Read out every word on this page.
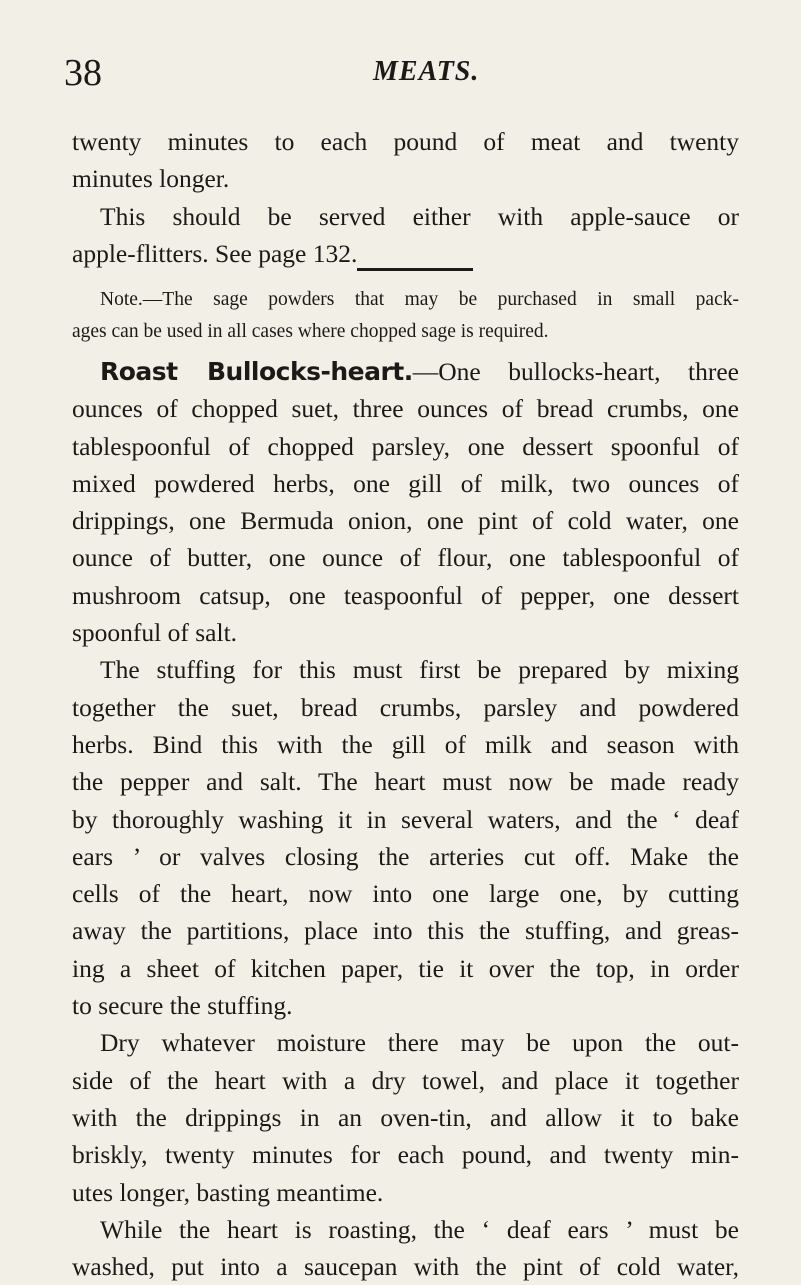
38	MEATS.
twenty minutes to each pound of meat and twenty
minutes longer.
This should be served either with apple-sauce or
apple-flitters. See page 132.
Note.—The sage powders that may be purchased in small pack-
ages can be used in all cases where chopped sage is required.
Roast Bullocks-heart.—One bullocks-heart, three
ounces of chopped suet, three ounces of bread crumbs, one
tablespoonful of chopped parsley, one dessert spoonful of
mixed powdered herbs, one gill of milk, two ounces of
drippings, one Bermuda onion, one pint of cold water, one
ounce of butter, one ounce of flour, one tablespoonful of
mushroom catsup, one teaspoonful of pepper, one dessert
spoonful of salt.
The stuffing for this must first be prepared by mixing
together the suet, bread crumbs, parsley and powdered
herbs. Bind this with the gill of milk and season with
the pepper and salt. The heart must now be made ready
by thoroughly washing it in several waters, and the ‘ deaf
ears ’ or valves closing the arteries cut off. Make the
cells of the heart, now into one large one, by cutting
away the partitions, place into this the stuffing, and greas-
ing a sheet of kitchen paper, tie it over the top, in order
to secure the stuffing.
Dry whatever moisture there may be upon the out-
side of the heart with a dry towel, and place it together
with the drippings in an oven-tin, and allow it to bake
briskly, twenty minutes for each pound, and twenty min-
utes longer, basting meantime.
While the heart is roasting, the ‘ deaf ears ’ must be
washed, put into a saucepan with the pint of cold water,
